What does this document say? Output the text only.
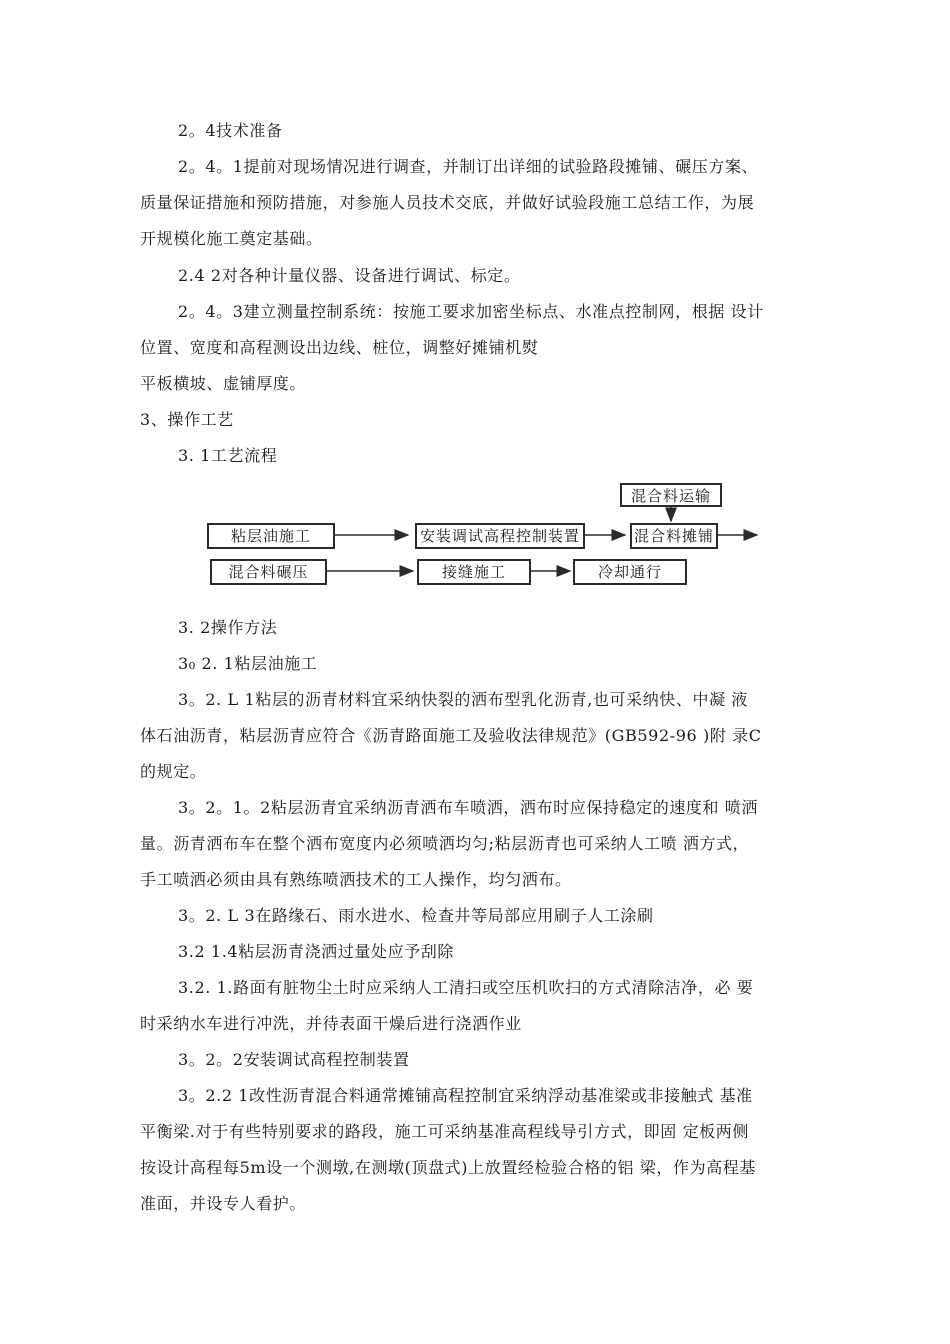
2。4技术准备
2。4。1提前对现场情况进行调查，并制订出详细的试验路段摊铺、碾压方案、
质量保证措施和预防措施，对参施人员技术交底，并做好试验段施工总结工作，为展
开规模化施工奠定基础。
2.4 2对各种计量仪器、设备进行调试、标定。
2。4。3建立测量控制系统：按施工要求加密坐标点、水准点控制网，根据 设计
位置、宽度和高程测设出边线、桩位，调整好摊铺机熨
平板横坡、虚铺厚度。
3、操作工艺
3. 1工艺流程
粘层油施工	安装调试高程控制装置
混合料运输
混合料摊铺
混合料碾压	接缝施工	冷却通行
3. 2操作方法
3₀ 2. 1粘层油施工
3。2. L 1粘层的沥青材料宜采纳快裂的洒布型乳化沥青,也可采纳快、中凝 液
体石油沥青，粘层沥青应符合《沥青路面施工及验收法律规范》(GB592-96 )附 录C
的规定。
3。2。1。2粘层沥青宜采纳沥青洒布车喷洒，洒布时应保持稳定的速度和 喷洒
量。沥青洒布车在整个洒布宽度内必须喷洒均匀;粘层沥青也可采纳人工喷 洒方式，
手工喷洒必须由具有熟练喷洒技术的工人操作，均匀洒布。
3。2. L 3在路缘石、雨水进水、检查井等局部应用刷子人工涂刷
3.2 1.4粘层沥青浇洒过量处应予刮除
3.2. 1.路面有脏物尘土时应采纳人工清扫或空压机吹扫的方式清除洁净，必 要
时采纳水车进行冲洗，并待表面干燥后进行浇洒作业
3。2。2安装调试高程控制装置
3。2.2 1改性沥青混合料通常摊铺高程控制宜采纳浮动基准梁或非接触式 基准
平衡梁.对于有些特别要求的路段，施工可采纳基准高程线导引方式，即固 定板两侧
按设计高程每5m设一个测墩,在测墩(顶盘式)上放置经检验合格的铝 梁，作为高程基
准面，并设专人看护。
